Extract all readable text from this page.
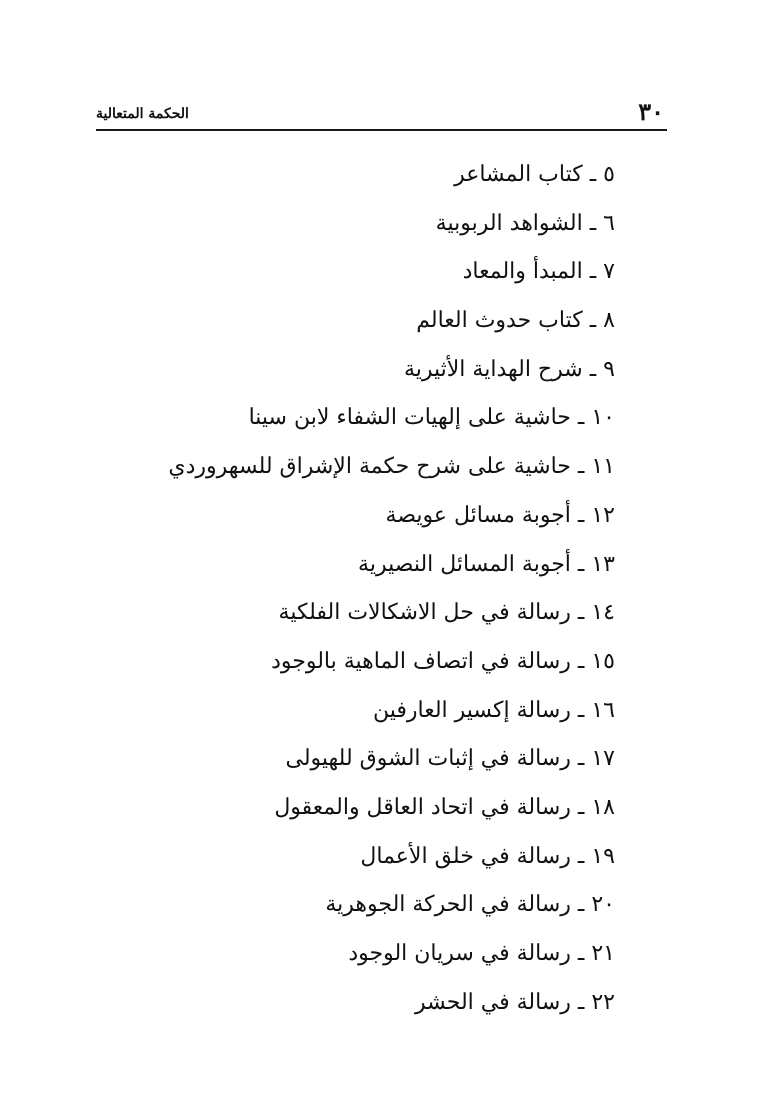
الحكمة المتعالية	٣٠
٥ـكتاب المشاعر
٦ـالشواهد الربوبية
٧ـالمبدأ والمعاد
٨ـكتاب حدوث العالم
٩ـشرح الهداية الأثيرية
١٠ـحاشية على إلهيات الشفاء لابن سينا
١١ـحاشية على شرح حكمة الإشراق للسهروردي
١٢ـأجوبة مسائل عويصة
١٣ـأجوبة المسائل النصيرية
١٤ـرسالة في حل الاشكالات الفلكية
١٥ـرسالة في اتصاف الماهية بالوجود
١٦ـرسالة إكسير العارفين
١٧ـرسالة في إثبات الشوق للهيولى
١٨ـرسالة في اتحاد العاقل والمعقول
١٩ـرسالة في خلق الأعمال
٢٠ـرسالة في الحركة الجوهرية
٢١ـرسالة في سريان الوجود
٢٢ـرسالة في الحشر
